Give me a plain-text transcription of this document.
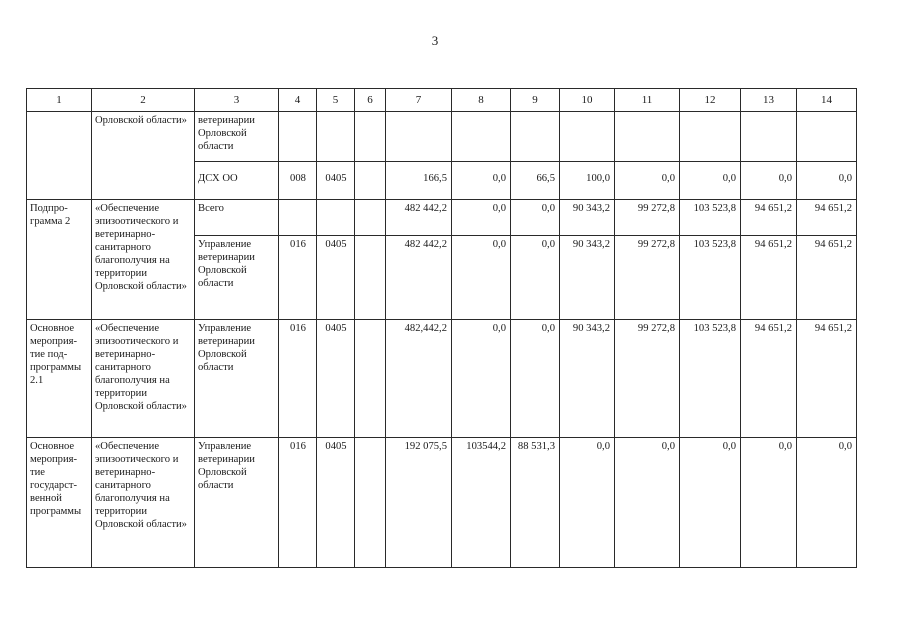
3
1	2	3	4	5	6	7	8	9	10	11	12	13	14
	Орловской области»	ветеринарии Орловской области											
		ДСХ ОО	008	0405		166,5	0,0	66,5	100,0	0,0	0,0	0,0	0,0
Подпро-грамма 2	«Обеспечение эпизоотического и ветеринарно-санитарного благополучия на территории Орловской области»	Всего				482 442,2	0,0	0,0	90 343,2	99 272,8	103 523,8	94 651,2	94 651,2
		Управление ветеринарии Орловской области	016	0405		482 442,2	0,0	0,0	90 343,2	99 272,8	103 523,8	94 651,2	94 651,2
Основное мероприя-тие под-программы 2.1	«Обеспечение эпизоотического и ветеринарно-санитарного благополучия на территории Орловской области»	Управление ветеринарии Орловской области	016	0405		482,442,2	0,0	0,0	90 343,2	99 272,8	103 523,8	94 651,2	94 651,2
Основное мероприя-тие государст-венной программы	«Обеспечение эпизоотического и ветеринарно-санитарного благополучия на территории Орловской области»	Управление ветеринарии Орловской области	016	0405		192 075,5	103544,2	88 531,3	0,0	0,0	0,0	0,0	0,0
